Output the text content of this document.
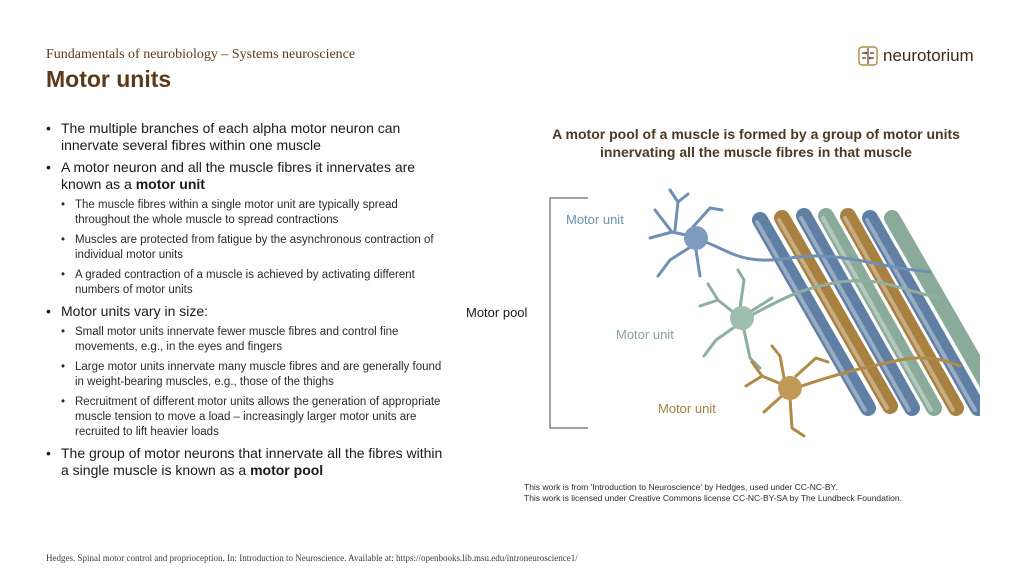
Fundamentals of neurobiology – Systems neuroscience
Motor units
neurotorium
• The multiple branches of each alpha motor neuron can innervate several fibres within one muscle
• A motor neuron and all the muscle fibres it innervates are known as a motor unit
• The muscle fibres within a single motor unit are typically spread throughout the whole muscle to spread contractions
• Muscles are protected from fatigue by the asynchronous contraction of individual motor units
• A graded contraction of a muscle is achieved by activating different numbers of motor units
• Motor units vary in size:
• Small motor units innervate fewer muscle fibres and control fine movements, e.g., in the eyes and fingers
• Large motor units innervate many muscle fibres and are generally found in weight-bearing muscles, e.g., those of the thighs
• Recruitment of different motor units allows the generation of appropriate muscle tension to move a load – increasingly larger motor units are recruited to lift heavier loads
• The group of motor neurons that innervate all the fibres within a single muscle is known as a motor pool
A motor pool of a muscle is formed by a group of motor units innervating all the muscle fibres in that muscle
Motor pool
Motor unit
Motor unit
Motor unit
This work is from 'Introduction to Neuroscience' by Hedges, used under CC-NC-BY.
This work is licensed under Creative Commons license CC-NC-BY-SA by The Lundbeck Foundation.
Hedges. Spinal motor control and proprioception. In: Introduction to Neuroscience. Available at: https://openbooks.lib.msu.edu/introneuroscience1/
